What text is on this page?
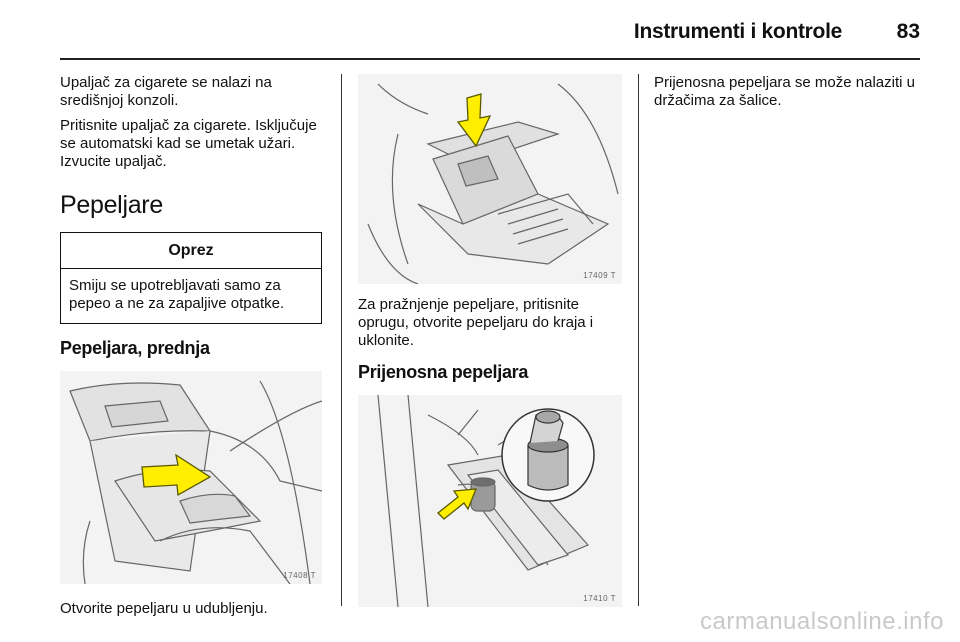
Instrumenti i kontrole	83

Upaljač za cigarete se nalazi na središnjoj konzoli.

Pritisnite upaljač za cigarete. Isključuje se automatski kad se umetak užari. Izvucite upaljač.

Pepeljare
Oprez
Smiju se upotrebljavati samo za pepeo a ne za zapaljive otpatke.
Pepeljara, prednja
17408 T

Otvorite pepeljaru u udubljenju.

17409 T

Za pražnjenje pepeljare, pritisnite oprugu, otvorite pepeljaru do kraja i uklonite.

Prijenosna pepeljara
17410 T

Prijenosna pepeljara se može nalaziti u držačima za šalice.

carmanualsonline.info
